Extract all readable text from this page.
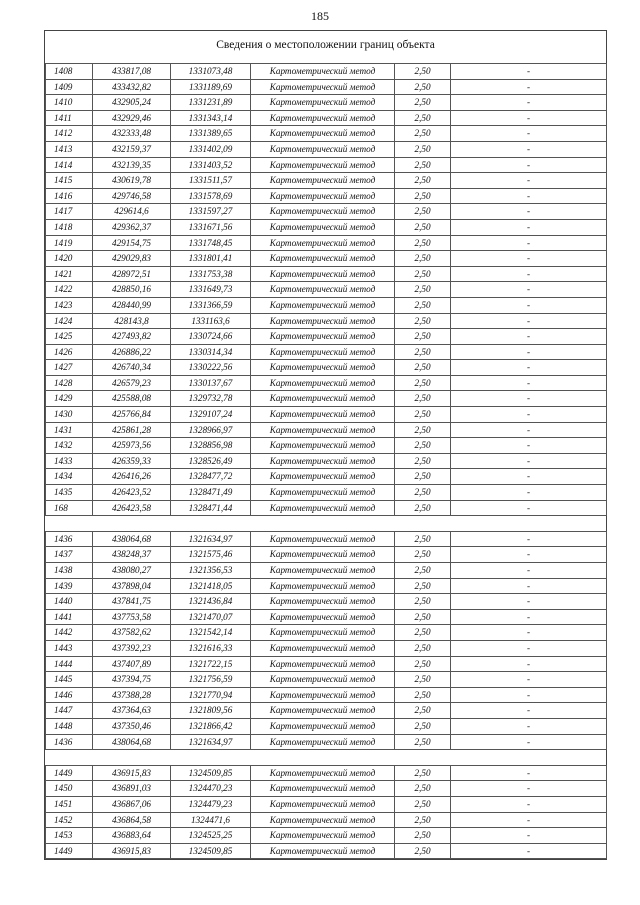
185
Сведения о местоположении границ объекта
1408	433817,08	1331073,48	Картометрический метод	2,50	-
1409	433432,82	1331189,69	Картометрический метод	2,50	-
1410	432905,24	1331231,89	Картометрический метод	2,50	-
1411	432929,46	1331343,14	Картометрический метод	2,50	-
1412	432333,48	1331389,65	Картометрический метод	2,50	-
1413	432159,37	1331402,09	Картометрический метод	2,50	-
1414	432139,35	1331403,52	Картометрический метод	2,50	-
1415	430619,78	1331511,57	Картометрический метод	2,50	-
1416	429746,58	1331578,69	Картометрический метод	2,50	-
1417	429614,6	1331597,27	Картометрический метод	2,50	-
1418	429362,37	1331671,56	Картометрический метод	2,50	-
1419	429154,75	1331748,45	Картометрический метод	2,50	-
1420	429029,83	1331801,41	Картометрический метод	2,50	-
1421	428972,51	1331753,38	Картометрический метод	2,50	-
1422	428850,16	1331649,73	Картометрический метод	2,50	-
1423	428440,99	1331366,59	Картометрический метод	2,50	-
1424	428143,8	1331163,6	Картометрический метод	2,50	-
1425	427493,82	1330724,66	Картометрический метод	2,50	-
1426	426886,22	1330314,34	Картометрический метод	2,50	-
1427	426740,34	1330222,56	Картометрический метод	2,50	-
1428	426579,23	1330137,67	Картометрический метод	2,50	-
1429	425588,08	1329732,78	Картометрический метод	2,50	-
1430	425766,84	1329107,24	Картометрический метод	2,50	-
1431	425861,28	1328966,97	Картометрический метод	2,50	-
1432	425973,56	1328856,98	Картометрический метод	2,50	-
1433	426359,33	1328526,49	Картометрический метод	2,50	-
1434	426416,26	1328477,72	Картометрический метод	2,50	-
1435	426423,52	1328471,49	Картометрический метод	2,50	-
168	426423,58	1328471,44	Картометрический метод	2,50	-

1436	438064,68	1321634,97	Картометрический метод	2,50	-
1437	438248,37	1321575,46	Картометрический метод	2,50	-
1438	438080,27	1321356,53	Картометрический метод	2,50	-
1439	437898,04	1321418,05	Картометрический метод	2,50	-
1440	437841,75	1321436,84	Картометрический метод	2,50	-
1441	437753,58	1321470,07	Картометрический метод	2,50	-
1442	437582,62	1321542,14	Картометрический метод	2,50	-
1443	437392,23	1321616,33	Картометрический метод	2,50	-
1444	437407,89	1321722,15	Картометрический метод	2,50	-
1445	437394,75	1321756,59	Картометрический метод	2,50	-
1446	437388,28	1321770,94	Картометрический метод	2,50	-
1447	437364,63	1321809,56	Картометрический метод	2,50	-
1448	437350,46	1321866,42	Картометрический метод	2,50	-
1436	438064,68	1321634,97	Картометрический метод	2,50	-

1449	436915,83	1324509,85	Картометрический метод	2,50	-
1450	436891,03	1324470,23	Картометрический метод	2,50	-
1451	436867,06	1324479,23	Картометрический метод	2,50	-
1452	436864,58	1324471,6	Картометрический метод	2,50	-
1453	436883,64	1324525,25	Картометрический метод	2,50	-
1449	436915,83	1324509,85	Картометрический метод	2,50	-
